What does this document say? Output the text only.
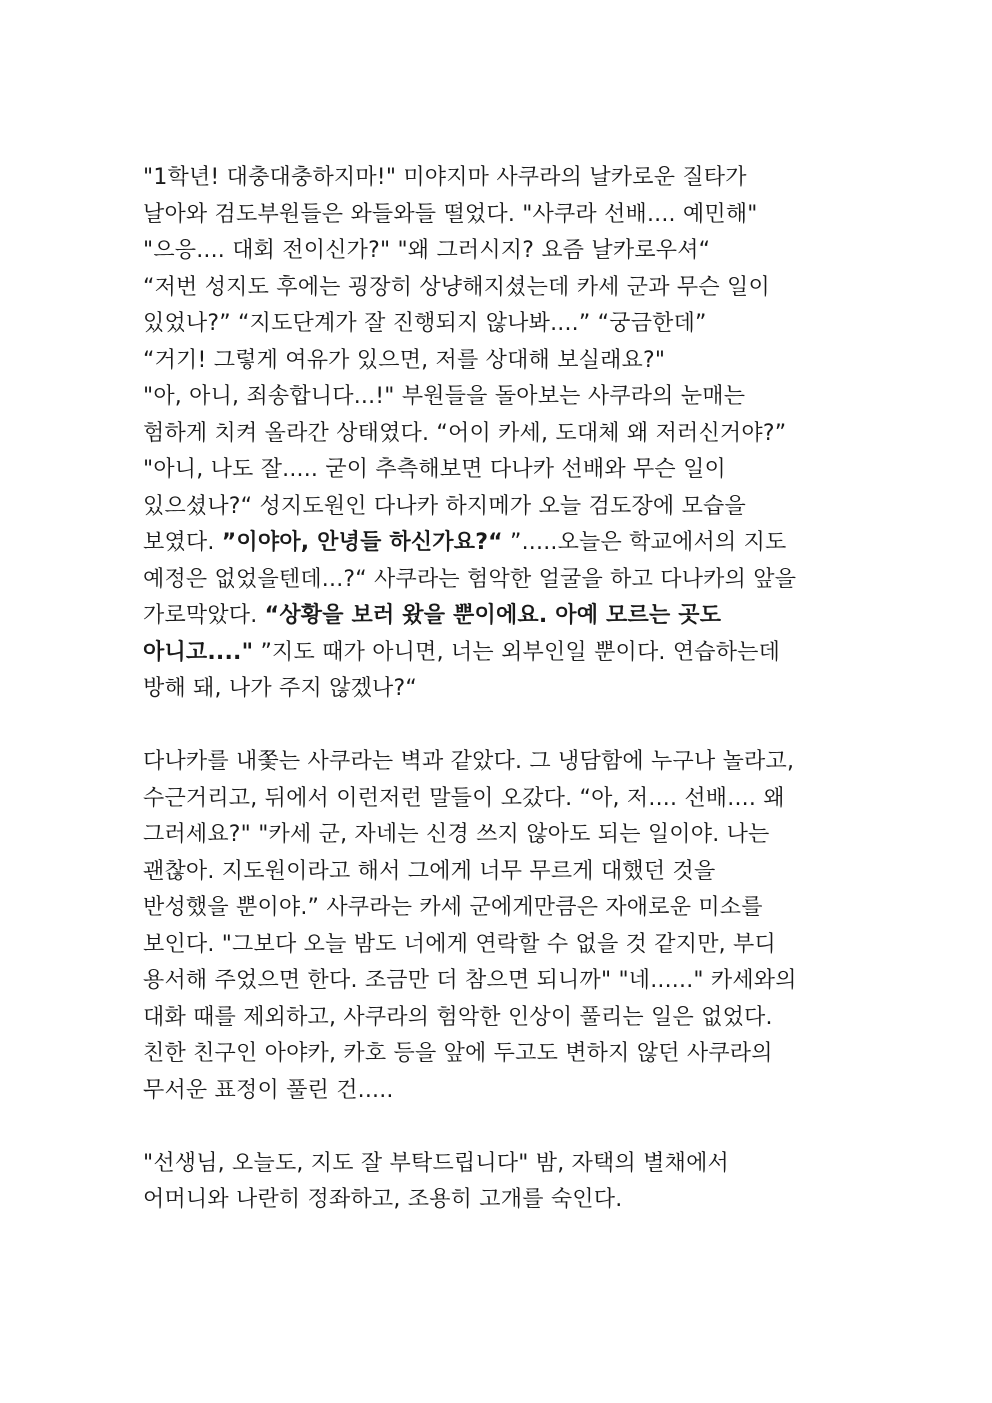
"1학년! 대충대충하지마!" 미야지마 사쿠라의 날카로운 질타가
날아와 검도부원들은 와들와들 떨었다. "사쿠라 선배.... 예민해"
"으응.... 대회 전이신가?" "왜 그러시지? 요즘 날카로우셔“
“저번 성지도 후에는 굉장히 상냥해지셨는데 카세 군과 무슨 일이
있었나?” “지도단계가 잘 진행되지 않나봐....” “궁금한데”
“거기! 그렇게 여유가 있으면, 저를 상대해 보실래요?"
"아, 아니, 죄송합니다...!" 부원들을 돌아보는 사쿠라의 눈매는
험하게 치켜 올라간 상태였다. “어이 카세, 도대체 왜 저러신거야?”
"아니, 나도 잘..... 굳이 추측해보면 다나카 선배와 무슨 일이
있으셨나?“ 성지도원인 다나카 하지메가 오늘 검도장에 모습을
보였다. ”이야아, 안녕들 하신가요?“ ”.....오늘은 학교에서의 지도
예정은 없었을텐데...?“ 사쿠라는 험악한 얼굴을 하고 다나카의 앞을
가로막았다. “상황을 보러 왔을 뿐이에요. 아예 모르는 곳도
아니고...." ”지도 때가 아니면, 너는 외부인일 뿐이다. 연습하는데
방해 돼, 나가 주지 않겠나?“
다나카를 내쫓는 사쿠라는 벽과 같았다. 그 냉담함에 누구나 놀라고,
수근거리고, 뒤에서 이런저런 말들이 오갔다. “아, 저.... 선배.... 왜
그러세요?" "카세 군, 자네는 신경 쓰지 않아도 되는 일이야. 나는
괜찮아. 지도원이라고 해서 그에게 너무 무르게 대했던 것을
반성했을 뿐이야.” 사쿠라는 카세 군에게만큼은 자애로운 미소를
보인다. "그보다 오늘 밤도 너에게 연락할 수 없을 것 같지만, 부디
용서해 주었으면 한다. 조금만 더 참으면 되니까" "네......" 카세와의
대화 때를 제외하고, 사쿠라의 험악한 인상이 풀리는 일은 없었다.
친한 친구인 아야카, 카호 등을 앞에 두고도 변하지 않던 사쿠라의
무서운 표정이 풀린 건.....
"선생님, 오늘도, 지도 잘 부탁드립니다" 밤, 자택의 별채에서
어머니와 나란히 정좌하고, 조용히 고개를 숙인다.
